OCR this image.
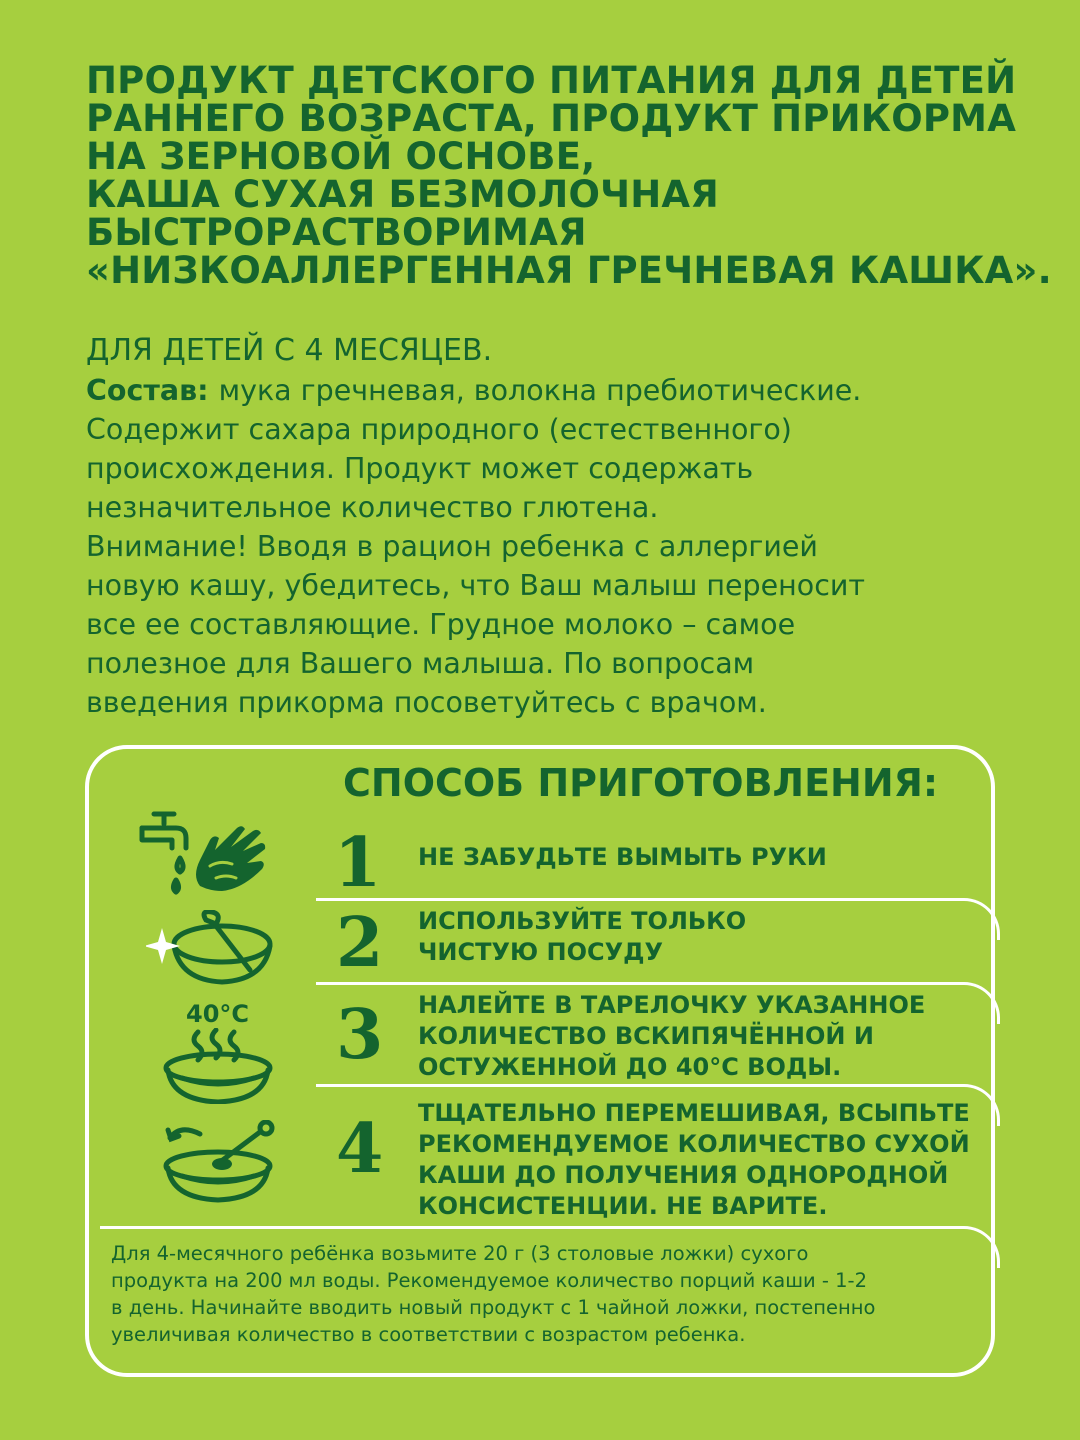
ПРОДУКТ ДЕТСКОГО ПИТАНИЯ ДЛЯ ДЕТЕЙ
РАННЕГО ВОЗРАСТА, ПРОДУКТ ПРИКОРМА
НА ЗЕРНОВОЙ ОСНОВЕ,
КАША СУХАЯ БЕЗМОЛОЧНАЯ
БЫСТРОРАСТВОРИМАЯ
«НИЗКОАЛЛЕРГЕННАЯ ГРЕЧНЕВАЯ КАШКА».
ДЛЯ ДЕТЕЙ С 4 МЕСЯЦЕВ.
Состав: мука гречневая, волокна пребиотические.
Содержит сахара природного (естественного)
происхождения. Продукт может содержать
незначительное количество глютена.
Внимание! Вводя в рацион ребенка с аллергией
новую кашу, убедитесь, что Ваш малыш переносит
все ее составляющие. Грудное молоко – самое
полезное для Вашего малыша. По вопросам
введения прикорма посоветуйтесь с врачом.
СПОСОБ ПРИГОТОВЛЕНИЯ:
1
2
3
4
НЕ ЗАБУДЬТЕ ВЫМЫТЬ РУКИ
ИСПОЛЬЗУЙТЕ ТОЛЬКО
ЧИСТУЮ ПОСУДУ
НАЛЕЙТЕ В ТАРЕЛОЧКУ УКАЗАННОЕ
КОЛИЧЕСТВО ВСКИПЯЧЁННОЙ И
ОСТУЖЕННОЙ ДО 40°С ВОДЫ.
ТЩАТЕЛЬНО ПЕРЕМЕШИВАЯ, ВСЫПЬТЕ
РЕКОМЕНДУЕМОЕ КОЛИЧЕСТВО СУХОЙ
КАШИ ДО ПОЛУЧЕНИЯ ОДНОРОДНОЙ
КОНСИСТЕНЦИИ. НЕ ВАРИТЕ.
40°C
Для 4-месячного ребёнка возьмите 20 г (3 столовые ложки) сухого
продукта на 200 мл воды. Рекомендуемое количество порций каши - 1-2
в день. Начинайте вводить новый продукт с 1 чайной ложки, постепенно
увеличивая количество в соответствии с возрастом ребенка.
